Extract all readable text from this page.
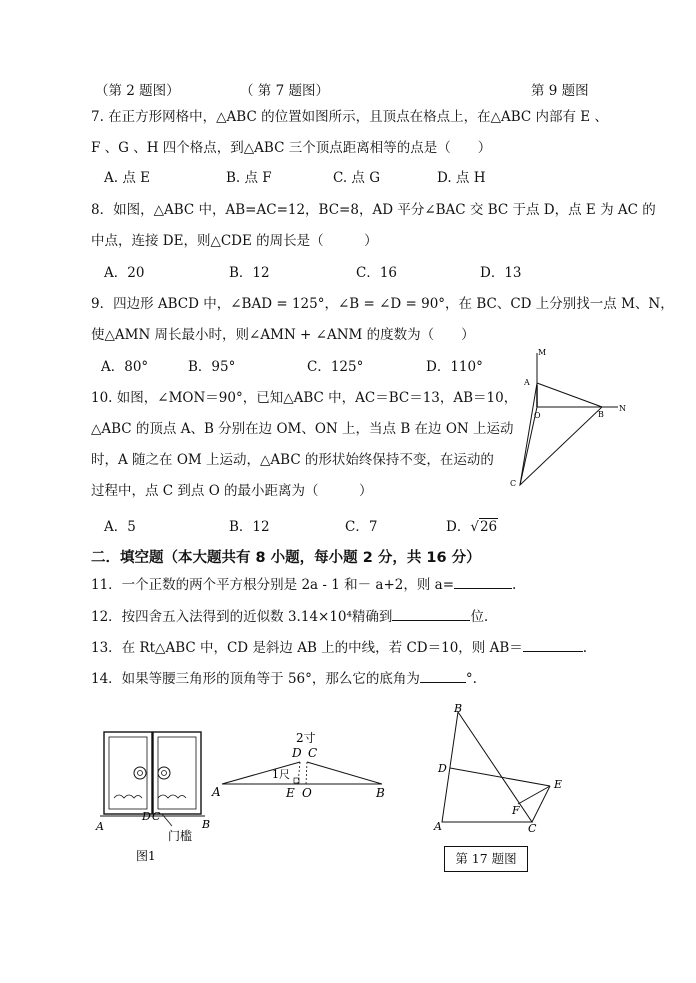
（第 2 题图）	（ 第 7 题图）	第 9 题图
7. 在正方形网格中，△ABC 的位置如图所示，且顶点在格点上，在△ABC 内部有 E 、
F 、G 、H 四个格点，到△ABC 三个顶点距离相等的点是（　　）
A. 点 E	B. 点 F	C. 点 G	D. 点 H
8．如图，△ABC 中，AB=AC=12，BC=8，AD 平分∠BAC 交 BC 于点 D，点 E 为 AC 的
中点，连接 DE，则△CDE 的周长是（　　　）
A．20	B．12	C．16	D．13
9．四边形 ABCD 中，∠BAD = 125°，∠B = ∠D = 90°，在 BC、CD 上分别找一点 M、N，
使△AMN 周长最小时，则∠AMN + ∠ANM 的度数为（　　）
A．80°	B．95°	C．125°	D．110°
10. 如图，∠MON＝90°，已知△ABC 中，AC＝BC＝13，AB＝10，
△ABC 的顶点 A、B 分别在边 OM、ON 上，当点 B 在边 ON 上运动
时，A 随之在 OM 上运动，△ABC 的形状始终保持不变，在运动的
过程中，点 C 到点 O 的最小距离为（　　　）
A．5	B．12	C．7	D．√26
二．填空题（本大题共有 8 小题，每小题 2 分，共 16 分）
11．一个正数的两个平方根分别是 2a - 1 和－ a+2，则 a=	.
12．按四舍五入法得到的近似数 3.14×10⁴精确到	位.
13．在 Rt△ABC 中，CD 是斜边 AB 上的中线，若 CD＝10，则 AB＝	.
14．如果等腰三角形的顶角等于 56°，那么它的底角为	°.
M
A
O	B
N
C
A
D C
B
门槛
图1
2寸
D C
1尺
A	E O	B
B
D
E
F
A	C
第 17 题图
